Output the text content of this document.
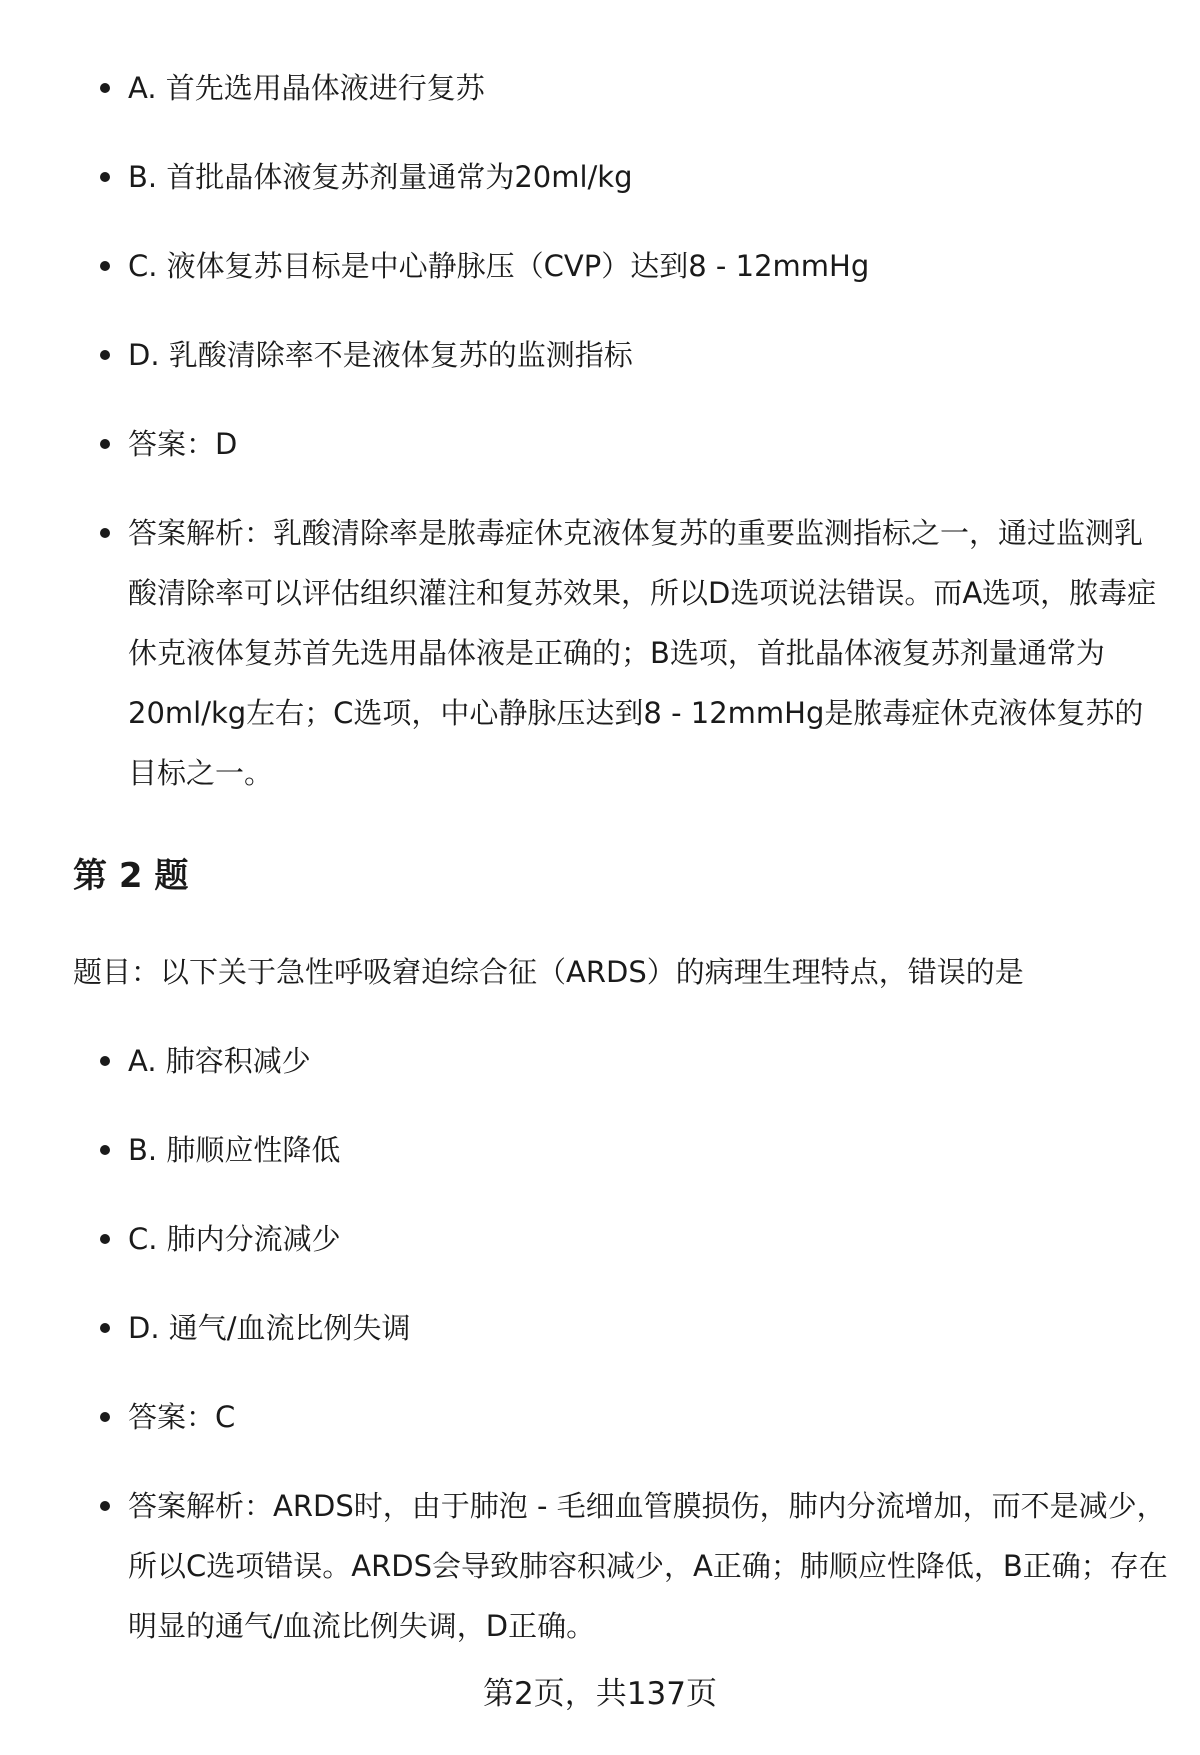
A. 首先选用晶体液进行复苏
B. 首批晶体液复苏剂量通常为20ml/kg
C. 液体复苏目标是中心静脉压（CVP）达到8 - 12mmHg
D. 乳酸清除率不是液体复苏的监测指标
答案：D
答案解析：乳酸清除率是脓毒症休克液体复苏的重要监测指标之一，通过监测乳酸清除率可以评估组织灌注和复苏效果，所以D选项说法错误。而A选项，脓毒症休克液体复苏首先选用晶体液是正确的；B选项，首批晶体液复苏剂量通常为20ml/kg左右；C选项，中心静脉压达到8 - 12mmHg是脓毒症休克液体复苏的目标之一。
第 2 题

题目：以下关于急性呼吸窘迫综合征（ARDS）的病理生理特点，错误的是

A. 肺容积减少
B. 肺顺应性降低
C. 肺内分流减少
D. 通气/血流比例失调
答案：C
答案解析：ARDS时，由于肺泡 - 毛细血管膜损伤，肺内分流增加，而不是减少，所以C选项错误。ARDS会导致肺容积减少，A正确；肺顺应性降低，B正确；存在明显的通气/血流比例失调，D正确。
第2页，共137页
